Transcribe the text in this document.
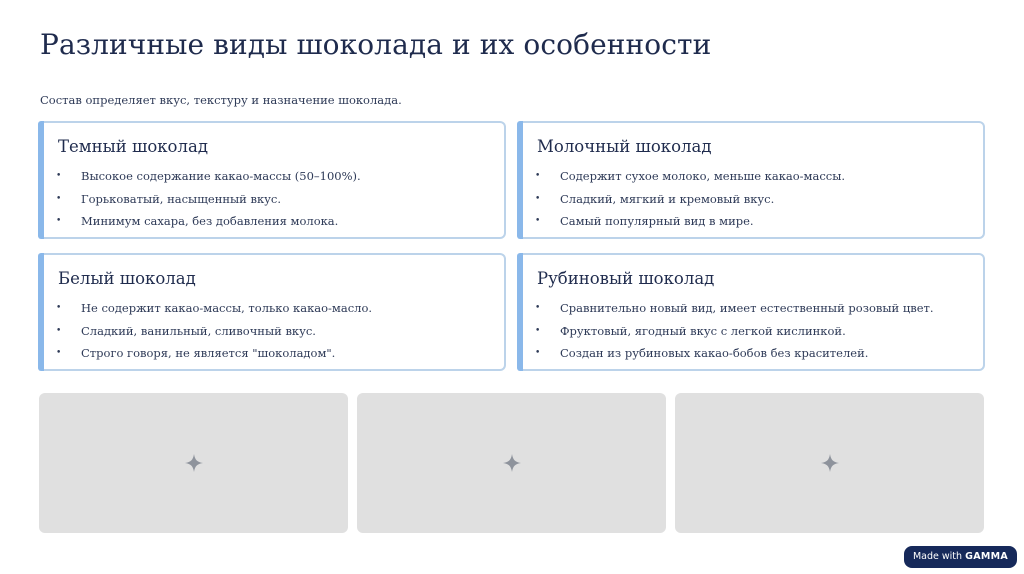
Различные виды шоколада и их особенности
Состав определяет вкус, текстуру и назначение шоколада.
Темный шоколад
• Высокое содержание какао-массы (50–100%).
• Горьковатый, насыщенный вкус.
• Минимум сахара, без добавления молока.
Молочный шоколад
• Содержит сухое молоко, меньше какао-массы.
• Сладкий, мягкий и кремовый вкус.
• Самый популярный вид в мире.
Белый шоколад
• Не содержит какао-массы, только какао-масло.
• Сладкий, ванильный, сливочный вкус.
• Строго говоря, не является "шоколадом".
Рубиновый шоколад
• Сравнительно новый вид, имеет естественный розовый цвет.
• Фруктовый, ягодный вкус с легкой кислинкой.
• Создан из рубиновых какао-бобов без красителей.
Made with GAMMA
